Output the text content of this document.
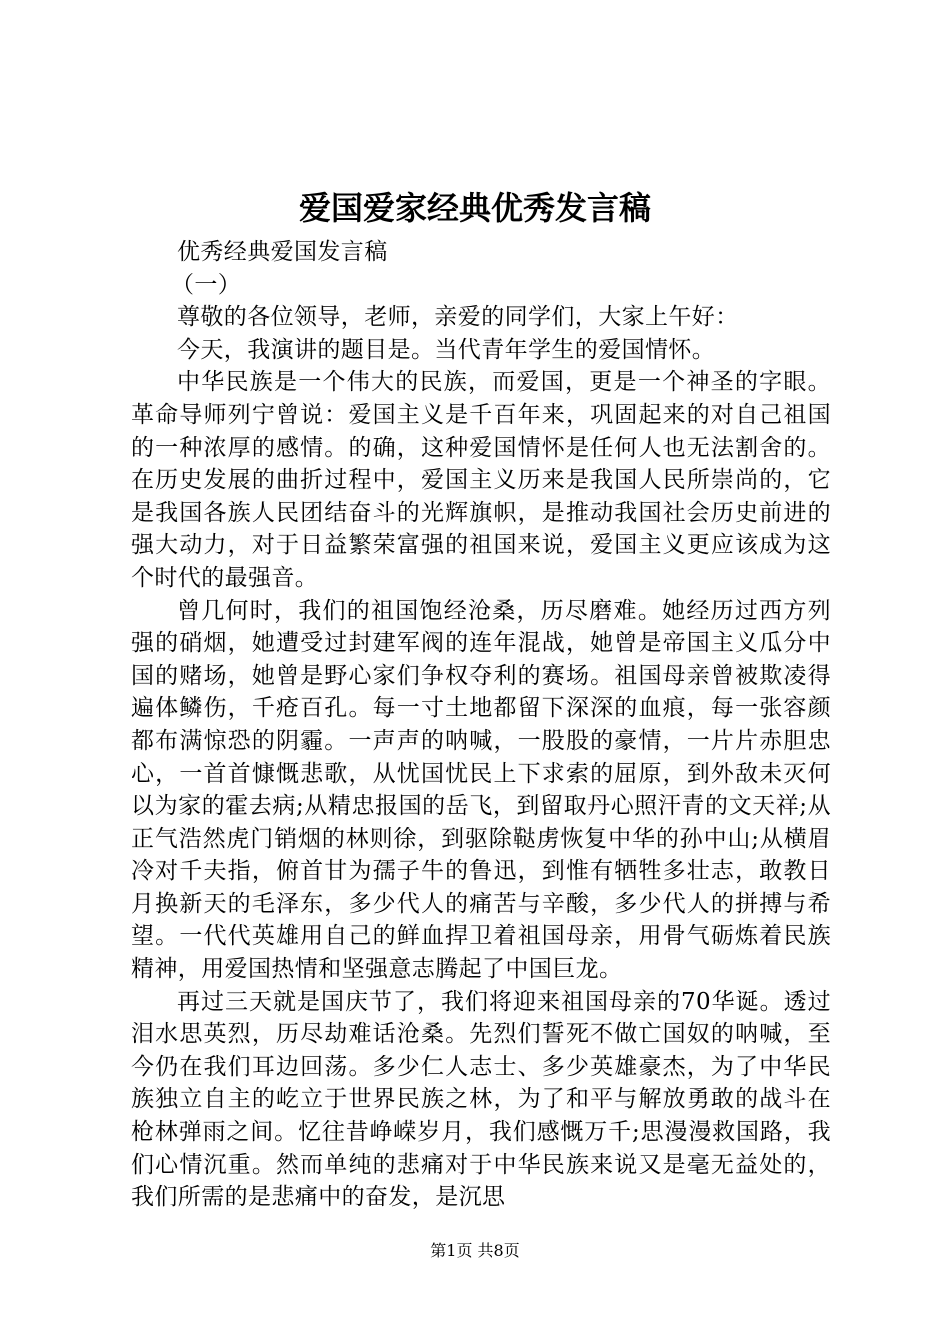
爱国爱家经典优秀发言稿

优秀经典爱国发言稿

（一）

尊敬的各位领导，老师，亲爱的同学们，大家上午好：

今天，我演讲的题目是。当代青年学生的爱国情怀。

中华民族是一个伟大的民族，而爱国，更是一个神圣的字眼。革命导师列宁曾说：爱国主义是千百年来，巩固起来的对自己祖国的一种浓厚的感情。的确，这种爱国情怀是任何人也无法割舍的。在历史发展的曲折过程中，爱国主义历来是我国人民所崇尚的，它是我国各族人民团结奋斗的光辉旗帜，是推动我国社会历史前进的强大动力，对于日益繁荣富强的祖国来说，爱国主义更应该成为这个时代的最强音。

曾几何时，我们的祖国饱经沧桑，历尽磨难。她经历过西方列强的硝烟，她遭受过封建军阀的连年混战，她曾是帝国主义瓜分中国的赌场，她曾是野心家们争权夺利的赛场。祖国母亲曾被欺凌得遍体鳞伤，千疮百孔。每一寸土地都留下深深的血痕，每一张容颜都布满惊恐的阴霾。一声声的呐喊，一股股的豪情，一片片赤胆忠心，一首首慷慨悲歌，从忧国忧民上下求索的屈原，到外敌未灭何以为家的霍去病;从精忠报国的岳飞，到留取丹心照汗青的文天祥;从正气浩然虎门销烟的林则徐，到驱除鞑虏恢复中华的孙中山;从横眉冷对千夫指，俯首甘为孺子牛的鲁迅，到惟有牺牲多壮志，敢教日月换新天的毛泽东，多少代人的痛苦与辛酸，多少代人的拼搏与希望。一代代英雄用自己的鲜血捍卫着祖国母亲，用骨气砺炼着民族精神，用爱国热情和坚强意志腾起了中国巨龙。

再过三天就是国庆节了，我们将迎来祖国母亲的70华诞。透过泪水思英烈，历尽劫难话沧桑。先烈们誓死不做亡国奴的呐喊，至今仍在我们耳边回荡。多少仁人志士、多少英雄豪杰，为了中华民族独立自主的屹立于世界民族之林，为了和平与解放勇敢的战斗在枪林弹雨之间。忆往昔峥嵘岁月，我们感慨万千;思漫漫救国路，我们心情沉重。然而单纯的悲痛对于中华民族来说又是毫无益处的，我们所需的是悲痛中的奋发，是沉思

第1页 共8页
